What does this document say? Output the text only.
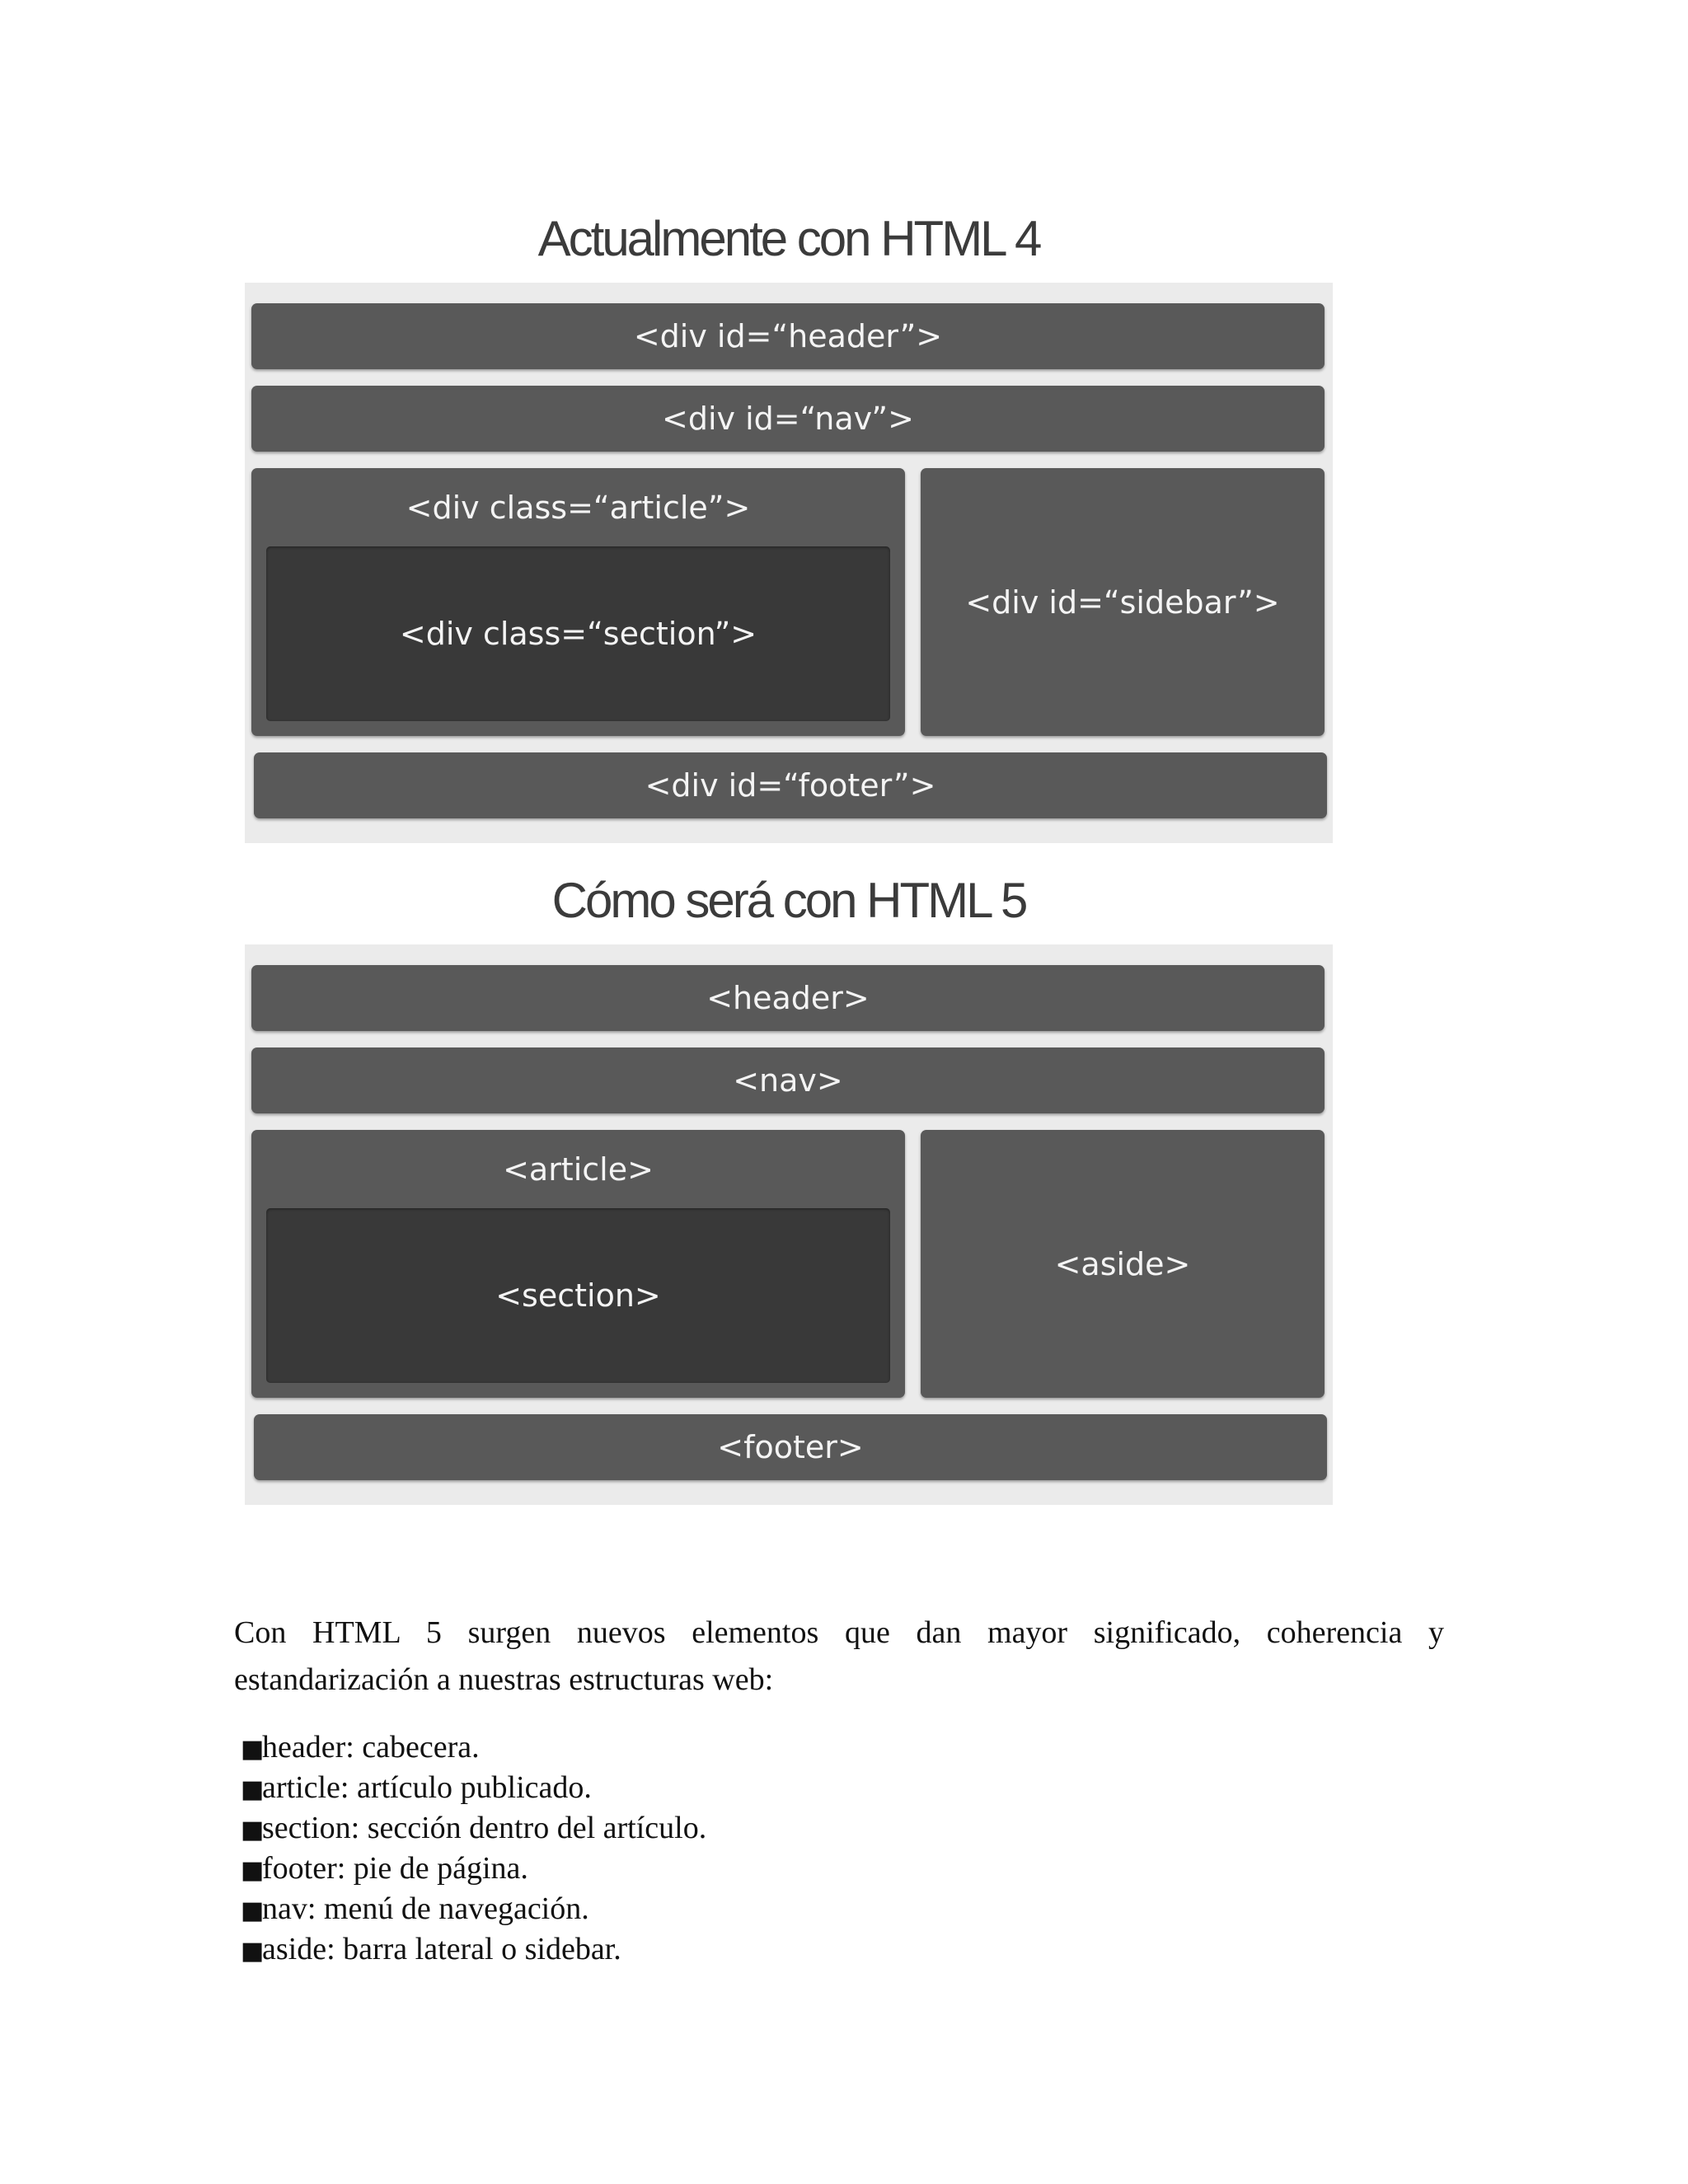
Actualmente con HTML 4
<div id=“header”>
<div id=“nav”>
<div class=“article”>
<div class=“section”>
<div id=“sidebar”>
<div id=“footer”>
Cómo será con HTML 5
<header>
<nav>
<article>
<section>
<aside>
<footer>

Con HTML 5 surgen nuevos elementos que dan mayor significado, coherencia y estandarización a nuestras estructuras web:

■header: cabecera.
■article: artículo publicado.
■section: sección dentro del artículo.
■footer: pie de página.
■nav: menú de navegación.
■aside: barra lateral o sidebar.
